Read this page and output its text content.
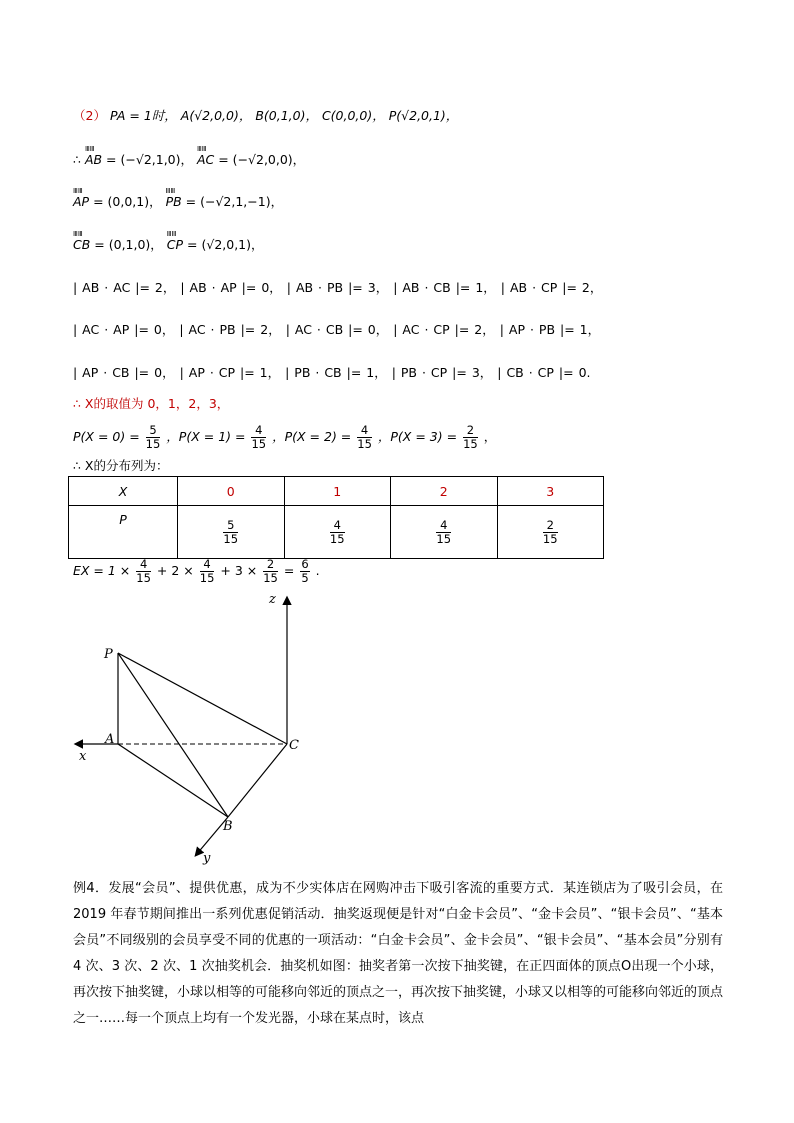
（2） PA = 1时， A(√2,0,0)， B(0,1,0)， C(0,0,0)， P(√2,0,1)，
∴ ⅢⅢ AB = (−√2,1,0)， ⅢⅢ AC = (−√2,0,0)，
ⅢⅢ AP = (0,0,1)， ⅢⅢ PB = (−√2,1,−1)，
ⅢⅢ CB = (0,1,0)， ⅢⅢ CP = (√2,0,1)，
| AB · AC |= 2， | AB · AP |= 0， | AB · PB |= 3， | AB · CB |= 1， | AB · CP |= 2，
| AC · AP |= 0， | AC · PB |= 2， | AC · CB |= 0， | AC · CP |= 2， | AP · PB |= 1，
| AP · CB |= 0， | AP · CP |= 1， | PB · CB |= 1， | PB · CP |= 3， | CB · CP |= 0.
∴ X的取值为 0，1，2，3，
$P(X = 0) = \frac{5}{15}$ ，$P(X = 1) = \frac{4}{15}$ ，$P(X = 2) = \frac{4}{15}$ ，$P(X = 3) = \frac{2}{15}$ ，
∴ X的分布列为：
X	0	1	2	3
P	$\frac{5}{15}$	$\frac{4}{15}$	$\frac{4}{15}$	$\frac{2}{15}$
EX = $1 \times \frac{4}{15} + 2 \times \frac{4}{15} + 3 \times \frac{2}{15} = \frac{6}{5}$ .
z
x
y
P
A	C
B
例4．发展“会员”、提供优惠，成为不少实体店在网购冲击下吸引客流的重要方式．某连锁店为了吸引会员，在 2019 年春节期间推出一系列优惠促销活动．抽奖返现便是针对“白金卡会员”、“金卡会员”、“银卡会员”、“基本会员”不同级别的会员享受不同的优惠的一项活动：“白金卡会员”、金卡会员”、“银卡会员”、“基本会员”分别有 4 次、3 次、2 次、1 次抽奖机会．抽奖机如图：抽奖者第一次按下抽奖键，在正四面体的顶点O出现一个小球，再次按下抽奖键，小球以相等的可能移向邻近的顶点之一，再次按下抽奖键，小球又以相等的可能移向邻近的顶点之一……每一个顶点上均有一个发光器，小球在某点时，该点
